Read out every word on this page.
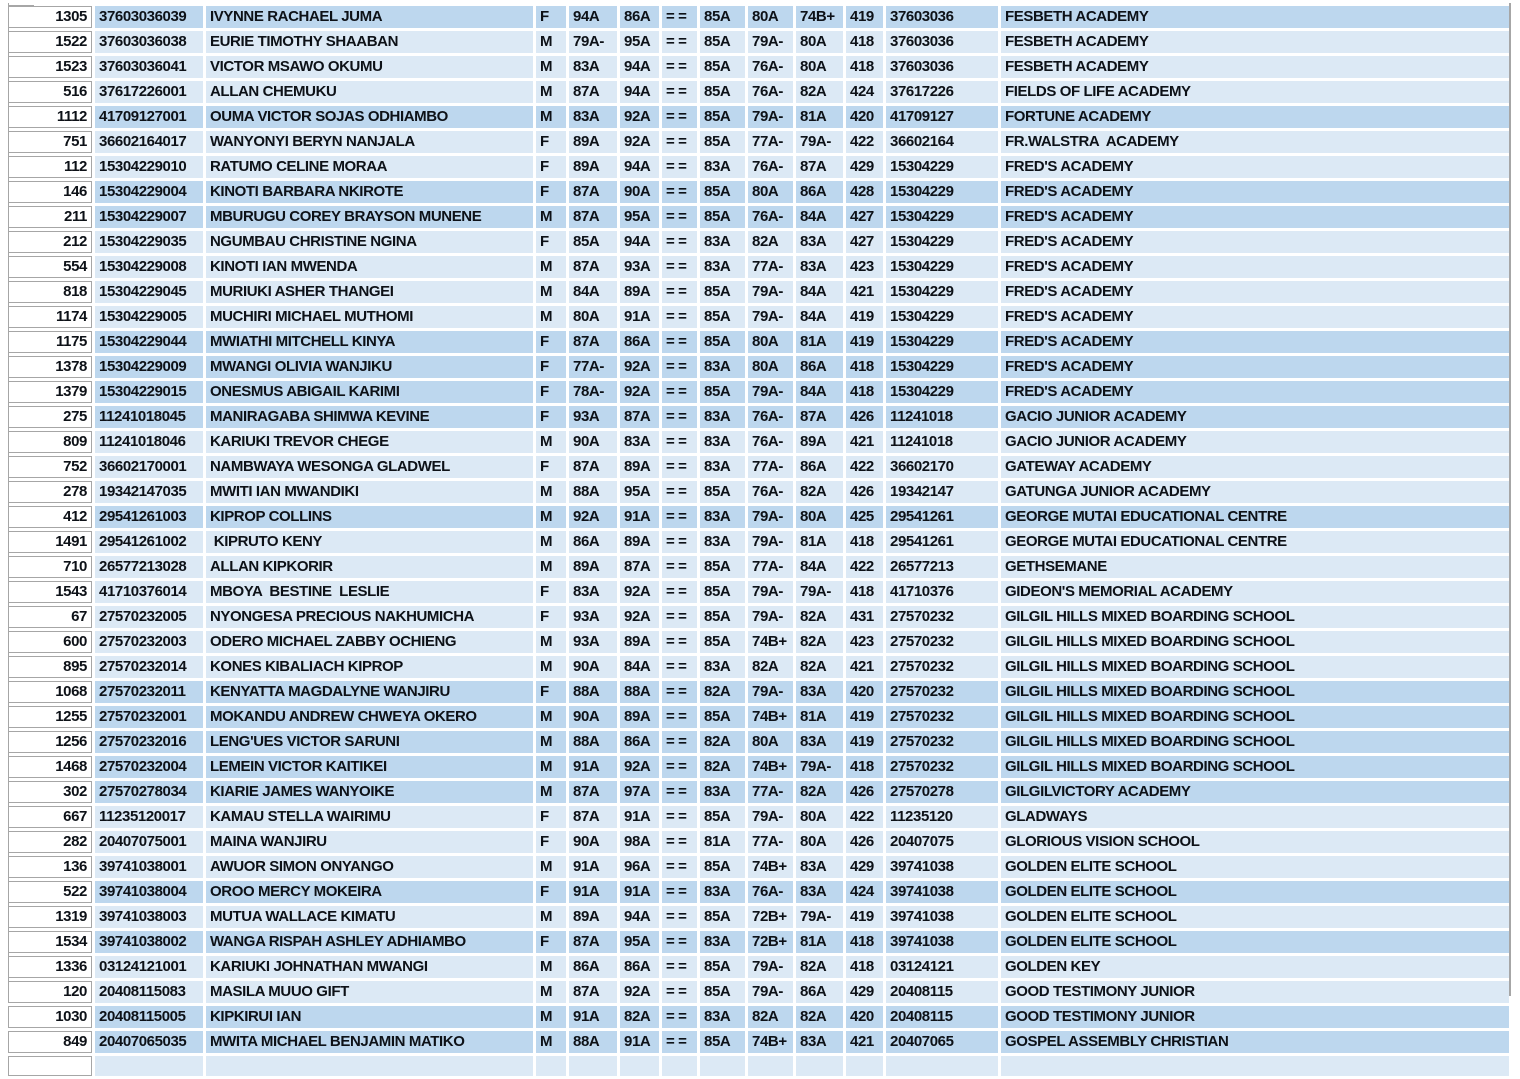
1305	37603036039	IVYNNE RACHAEL JUMA	F	94A	86A	= =	85A	80A	74B+	419	37603036	FESBETH ACADEMY
1522	37603036038	EURIE TIMOTHY SHAABAN	M	79A-	95A	= =	85A	79A-	80A	418	37603036	FESBETH ACADEMY
1523	37603036041	VICTOR MSAWO OKUMU	M	83A	94A	= =	85A	76A-	80A	418	37603036	FESBETH ACADEMY
516	37617226001	ALLAN CHEMUKU	M	87A	94A	= =	85A	76A-	82A	424	37617226	FIELDS OF LIFE ACADEMY
1112	41709127001	OUMA VICTOR SOJAS ODHIAMBO	M	83A	92A	= =	85A	79A-	81A	420	41709127	FORTUNE ACADEMY
751	36602164017	WANYONYI BERYN NANJALA	F	89A	92A	= =	85A	77A-	79A-	422	36602164	FR.WALSTRA  ACADEMY
112	15304229010	RATUMO CELINE MORAA	F	89A	94A	= =	83A	76A-	87A	429	15304229	FRED'S ACADEMY
146	15304229004	KINOTI BARBARA NKIROTE	F	87A	90A	= =	85A	80A	86A	428	15304229	FRED'S ACADEMY
211	15304229007	MBURUGU COREY BRAYSON MUNENE	M	87A	95A	= =	85A	76A-	84A	427	15304229	FRED'S ACADEMY
212	15304229035	NGUMBAU CHRISTINE NGINA	F	85A	94A	= =	83A	82A	83A	427	15304229	FRED'S ACADEMY
554	15304229008	KINOTI IAN MWENDA	M	87A	93A	= =	83A	77A-	83A	423	15304229	FRED'S ACADEMY
818	15304229045	MURIUKI ASHER THANGEI	M	84A	89A	= =	85A	79A-	84A	421	15304229	FRED'S ACADEMY
1174	15304229005	MUCHIRI MICHAEL MUTHOMI	M	80A	91A	= =	85A	79A-	84A	419	15304229	FRED'S ACADEMY
1175	15304229044	MWIATHI MITCHELL KINYA	F	87A	86A	= =	85A	80A	81A	419	15304229	FRED'S ACADEMY
1378	15304229009	MWANGI OLIVIA WANJIKU	F	77A-	92A	= =	83A	80A	86A	418	15304229	FRED'S ACADEMY
1379	15304229015	ONESMUS ABIGAIL KARIMI	F	78A-	92A	= =	85A	79A-	84A	418	15304229	FRED'S ACADEMY
275	11241018045	MANIRAGABA SHIMWA KEVINE	F	93A	87A	= =	83A	76A-	87A	426	11241018	GACIO JUNIOR ACADEMY
809	11241018046	KARIUKI TREVOR CHEGE	M	90A	83A	= =	83A	76A-	89A	421	11241018	GACIO JUNIOR ACADEMY
752	36602170001	NAMBWAYA WESONGA GLADWEL	F	87A	89A	= =	83A	77A-	86A	422	36602170	GATEWAY ACADEMY
278	19342147035	MWITI IAN MWANDIKI	M	88A	95A	= =	85A	76A-	82A	426	19342147	GATUNGA JUNIOR ACADEMY
412	29541261003	KIPROP COLLINS	M	92A	91A	= =	83A	79A-	80A	425	29541261	GEORGE MUTAI EDUCATIONAL CENTRE
1491	29541261002	KIPRUTO KENY	M	86A	89A	= =	83A	79A-	81A	418	29541261	GEORGE MUTAI EDUCATIONAL CENTRE
710	26577213028	ALLAN KIPKORIR	M	89A	87A	= =	85A	77A-	84A	422	26577213	GETHSEMANE
1543	41710376014	MBOYA  BESTINE  LESLIE	F	83A	92A	= =	85A	79A-	79A-	418	41710376	GIDEON'S MEMORIAL ACADEMY
67	27570232005	NYONGESA PRECIOUS NAKHUMICHA	F	93A	92A	= =	85A	79A-	82A	431	27570232	GILGIL HILLS MIXED BOARDING SCHOOL
600	27570232003	ODERO MICHAEL ZABBY OCHIENG	M	93A	89A	= =	85A	74B+	82A	423	27570232	GILGIL HILLS MIXED BOARDING SCHOOL
895	27570232014	KONES KIBALIACH KIPROP	M	90A	84A	= =	83A	82A	82A	421	27570232	GILGIL HILLS MIXED BOARDING SCHOOL
1068	27570232011	KENYATTA MAGDALYNE WANJIRU	F	88A	88A	= =	82A	79A-	83A	420	27570232	GILGIL HILLS MIXED BOARDING SCHOOL
1255	27570232001	MOKANDU ANDREW CHWEYA OKERO	M	90A	89A	= =	85A	74B+	81A	419	27570232	GILGIL HILLS MIXED BOARDING SCHOOL
1256	27570232016	LENG'UES VICTOR SARUNI	M	88A	86A	= =	82A	80A	83A	419	27570232	GILGIL HILLS MIXED BOARDING SCHOOL
1468	27570232004	LEMEIN VICTOR KAITIKEI	M	91A	92A	= =	82A	74B+	79A-	418	27570232	GILGIL HILLS MIXED BOARDING SCHOOL
302	27570278034	KIARIE JAMES WANYOIKE	M	87A	97A	= =	83A	77A-	82A	426	27570278	GILGILVICTORY ACADEMY
667	11235120017	KAMAU STELLA WAIRIMU	F	87A	91A	= =	85A	79A-	80A	422	11235120	GLADWAYS
282	20407075001	MAINA WANJIRU	F	90A	98A	= =	81A	77A-	80A	426	20407075	GLORIOUS VISION SCHOOL
136	39741038001	AWUOR SIMON ONYANGO	M	91A	96A	= =	85A	74B+	83A	429	39741038	GOLDEN ELITE SCHOOL
522	39741038004	OROO MERCY MOKEIRA	F	91A	91A	= =	83A	76A-	83A	424	39741038	GOLDEN ELITE SCHOOL
1319	39741038003	MUTUA WALLACE KIMATU	M	89A	94A	= =	85A	72B+	79A-	419	39741038	GOLDEN ELITE SCHOOL
1534	39741038002	WANGA RISPAH ASHLEY ADHIAMBO	F	87A	95A	= =	83A	72B+	81A	418	39741038	GOLDEN ELITE SCHOOL
1336	03124121001	KARIUKI JOHNATHAN MWANGI	M	86A	86A	= =	85A	79A-	82A	418	03124121	GOLDEN KEY
120	20408115083	MASILA MUUO GIFT	M	87A	92A	= =	85A	79A-	86A	429	20408115	GOOD TESTIMONY JUNIOR
1030	20408115005	KIPKIRUI IAN	M	91A	82A	= =	83A	82A	82A	420	20408115	GOOD TESTIMONY JUNIOR
849	20407065035	MWITA MICHAEL BENJAMIN MATIKO	M	88A	91A	= =	85A	74B+	83A	421	20407065	GOSPEL ASSEMBLY CHRISTIAN
